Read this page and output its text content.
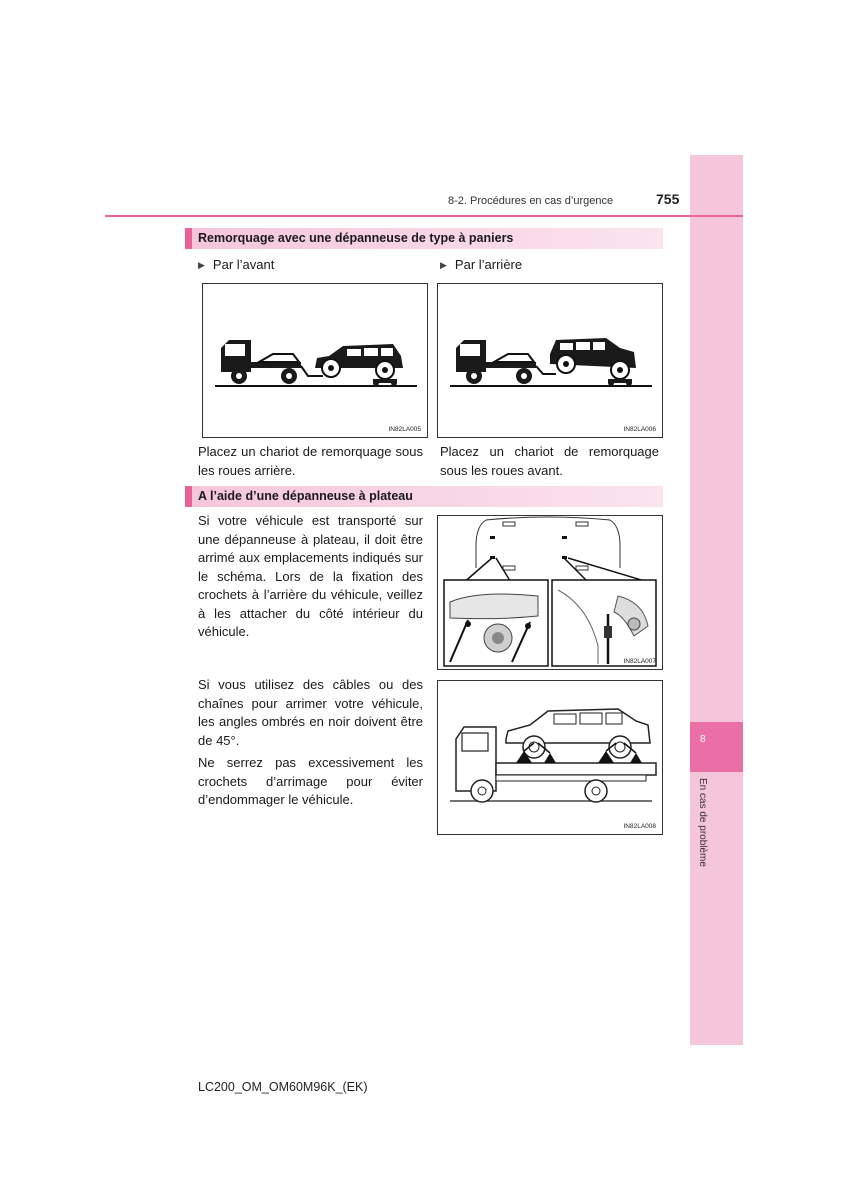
8
En cas de problème
8-2. Procédures en cas d’urgence	755
Remorquage avec une dépanneuse de type à paniers
▶ Par l’avant	▶ Par l’arrière
IN82LA005	IN82LA006
Placez un chariot de remorquage sous les roues arrière.
Placez un chariot de remorquage sous les roues avant.
A l’aide d’une dépanneuse à plateau
Si votre véhicule est transporté sur une dépanneuse à plateau, il doit être arrimé aux emplacements indiqués sur le schéma. Lors de la fixation des crochets à l’arrière du véhicule, veillez à les attacher du côté intérieur du véhicule.
IN82LA007
Si vous utilisez des câbles ou des chaînes pour arrimer votre véhicule, les angles ombrés en noir doivent être de 45°.
Ne serrez pas excessivement les crochets d’arrimage pour éviter d’endommager le véhicule.
IN82LA008
LC200_OM_OM60M96K_(EK)
